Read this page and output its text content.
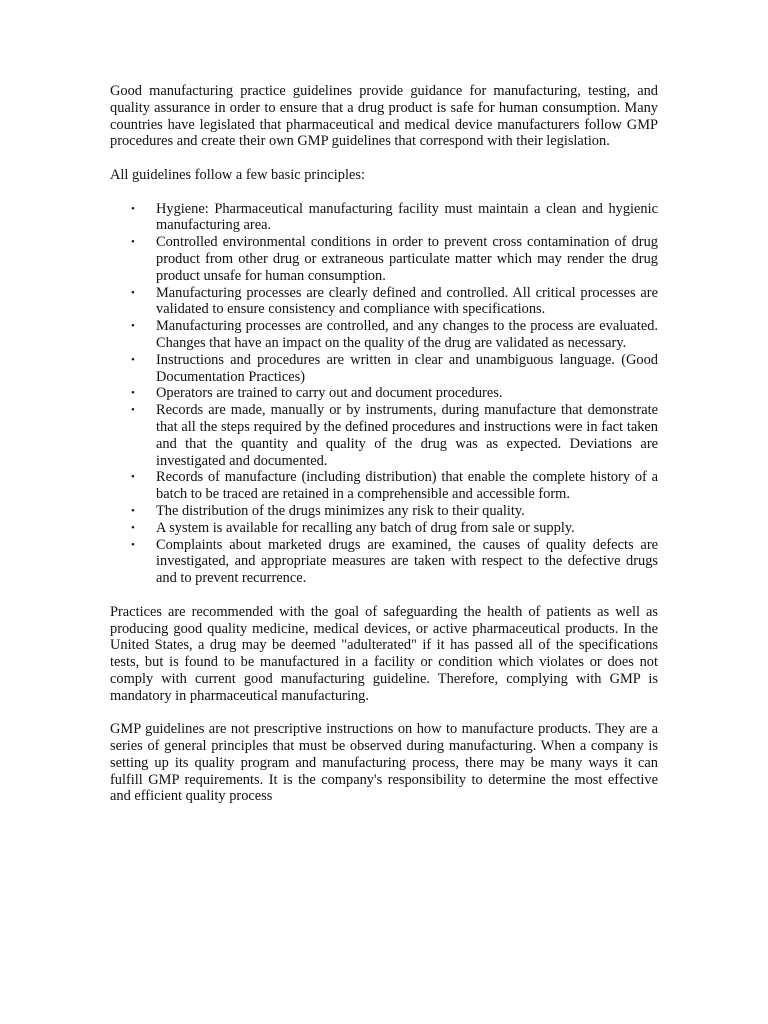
Good manufacturing practice guidelines provide guidance for manufacturing, testing, and quality assurance in order to ensure that a drug product is safe for human consumption. Many countries have legislated that pharmaceutical and medical device manufacturers follow GMP procedures and create their own GMP guidelines that correspond with their legislation.

All guidelines follow a few basic principles:

• Hygiene: Pharmaceutical manufacturing facility must maintain a clean and hygienic manufacturing area.
• Controlled environmental conditions in order to prevent cross contamination of drug product from other drug or extraneous particulate matter which may render the drug product unsafe for human consumption.
• Manufacturing processes are clearly defined and controlled. All critical processes are validated to ensure consistency and compliance with specifications.
• Manufacturing processes are controlled, and any changes to the process are evaluated. Changes that have an impact on the quality of the drug are validated as necessary.
• Instructions and procedures are written in clear and unambiguous language. (Good Documentation Practices)
• Operators are trained to carry out and document procedures.
• Records are made, manually or by instruments, during manufacture that demonstrate that all the steps required by the defined procedures and instructions were in fact taken and that the quantity and quality of the drug was as expected. Deviations are investigated and documented.
• Records of manufacture (including distribution) that enable the complete history of a batch to be traced are retained in a comprehensible and accessible form.
• The distribution of the drugs minimizes any risk to their quality.
• A system is available for recalling any batch of drug from sale or supply.
• Complaints about marketed drugs are examined, the causes of quality defects are investigated, and appropriate measures are taken with respect to the defective drugs and to prevent recurrence.

Practices are recommended with the goal of safeguarding the health of patients as well as producing good quality medicine, medical devices, or active pharmaceutical products. In the United States, a drug may be deemed "adulterated" if it has passed all of the specifications tests, but is found to be manufactured in a facility or condition which violates or does not comply with current good manufacturing guideline. Therefore, complying with GMP is mandatory in pharmaceutical manufacturing.

GMP guidelines are not prescriptive instructions on how to manufacture products. They are a series of general principles that must be observed during manufacturing. When a company is setting up its quality program and manufacturing process, there may be many ways it can fulfill GMP requirements. It is the company's responsibility to determine the most effective and efficient quality process
